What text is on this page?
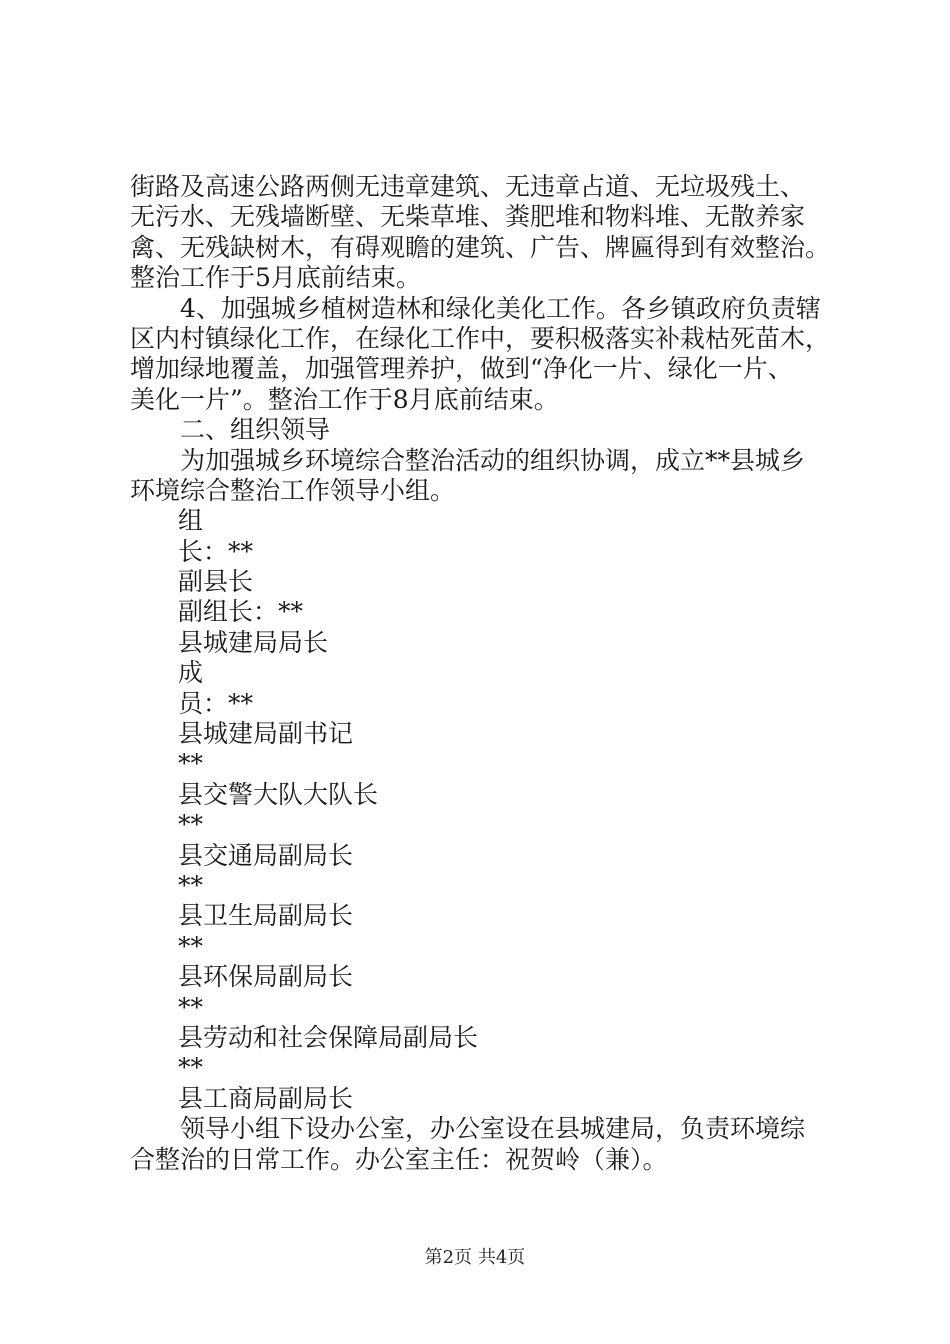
街路及高速公路两侧无违章建筑、无违章占道、无垃圾残土、
无污水、无残墙断壁、无柴草堆、粪肥堆和物料堆、无散养家
禽、无残缺树木，有碍观瞻的建筑、广告、牌匾得到有效整治。
整治工作于5月底前结束。
4、加强城乡植树造林和绿化美化工作。各乡镇政府负责辖
区内村镇绿化工作，在绿化工作中，要积极落实补栽枯死苗木，
增加绿地覆盖，加强管理养护，做到“净化一片、绿化一片、
美化一片”。整治工作于8月底前结束。
二、组织领导
为加强城乡环境综合整治活动的组织协调，成立**县城乡
环境综合整治工作领导小组。
组
长：**
副县长
副组长：**
县城建局局长
成
员：**
县城建局副书记
**
县交警大队大队长
**
县交通局副局长
**
县卫生局副局长
**
县环保局副局长
**
县劳动和社会保障局副局长
**
县工商局副局长
领导小组下设办公室，办公室设在县城建局，负责环境综
合整治的日常工作。办公室主任：祝贺岭（兼）。
第2页 共4页
